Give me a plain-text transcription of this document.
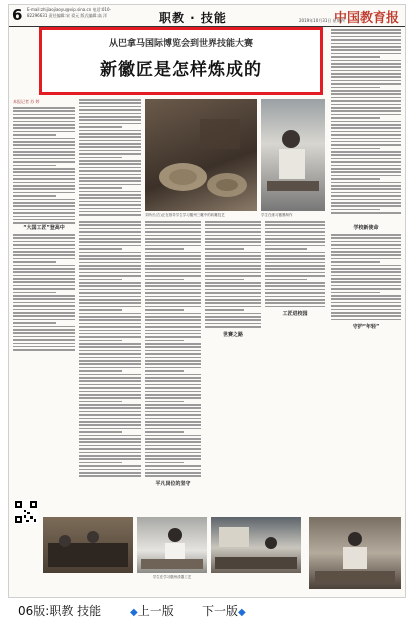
6 E-mail:zhijiaojiaoyu@vip.sina.cn 电话:010-82296631 责任编辑:宋 爱元 版式编辑:高 洋	职教 · 技能	中国教育报
2019年10月31日 星期四
从巴拿马国际博览会到世界技能大赛
新徽匠是怎样炼成的
本报记者 苏 婷
刘所长(右)正在指导学生学习徽州三雕中的砖雕技艺	学生在练习徽墨制作
“大国工匠”登高中
平凡岗位的坚守
世赛之路
工匠进校园
学校新使命
守护“年轻”
学生在学习徽州漆器工艺
06版:职教 技能	◆上一版 下一版◆
